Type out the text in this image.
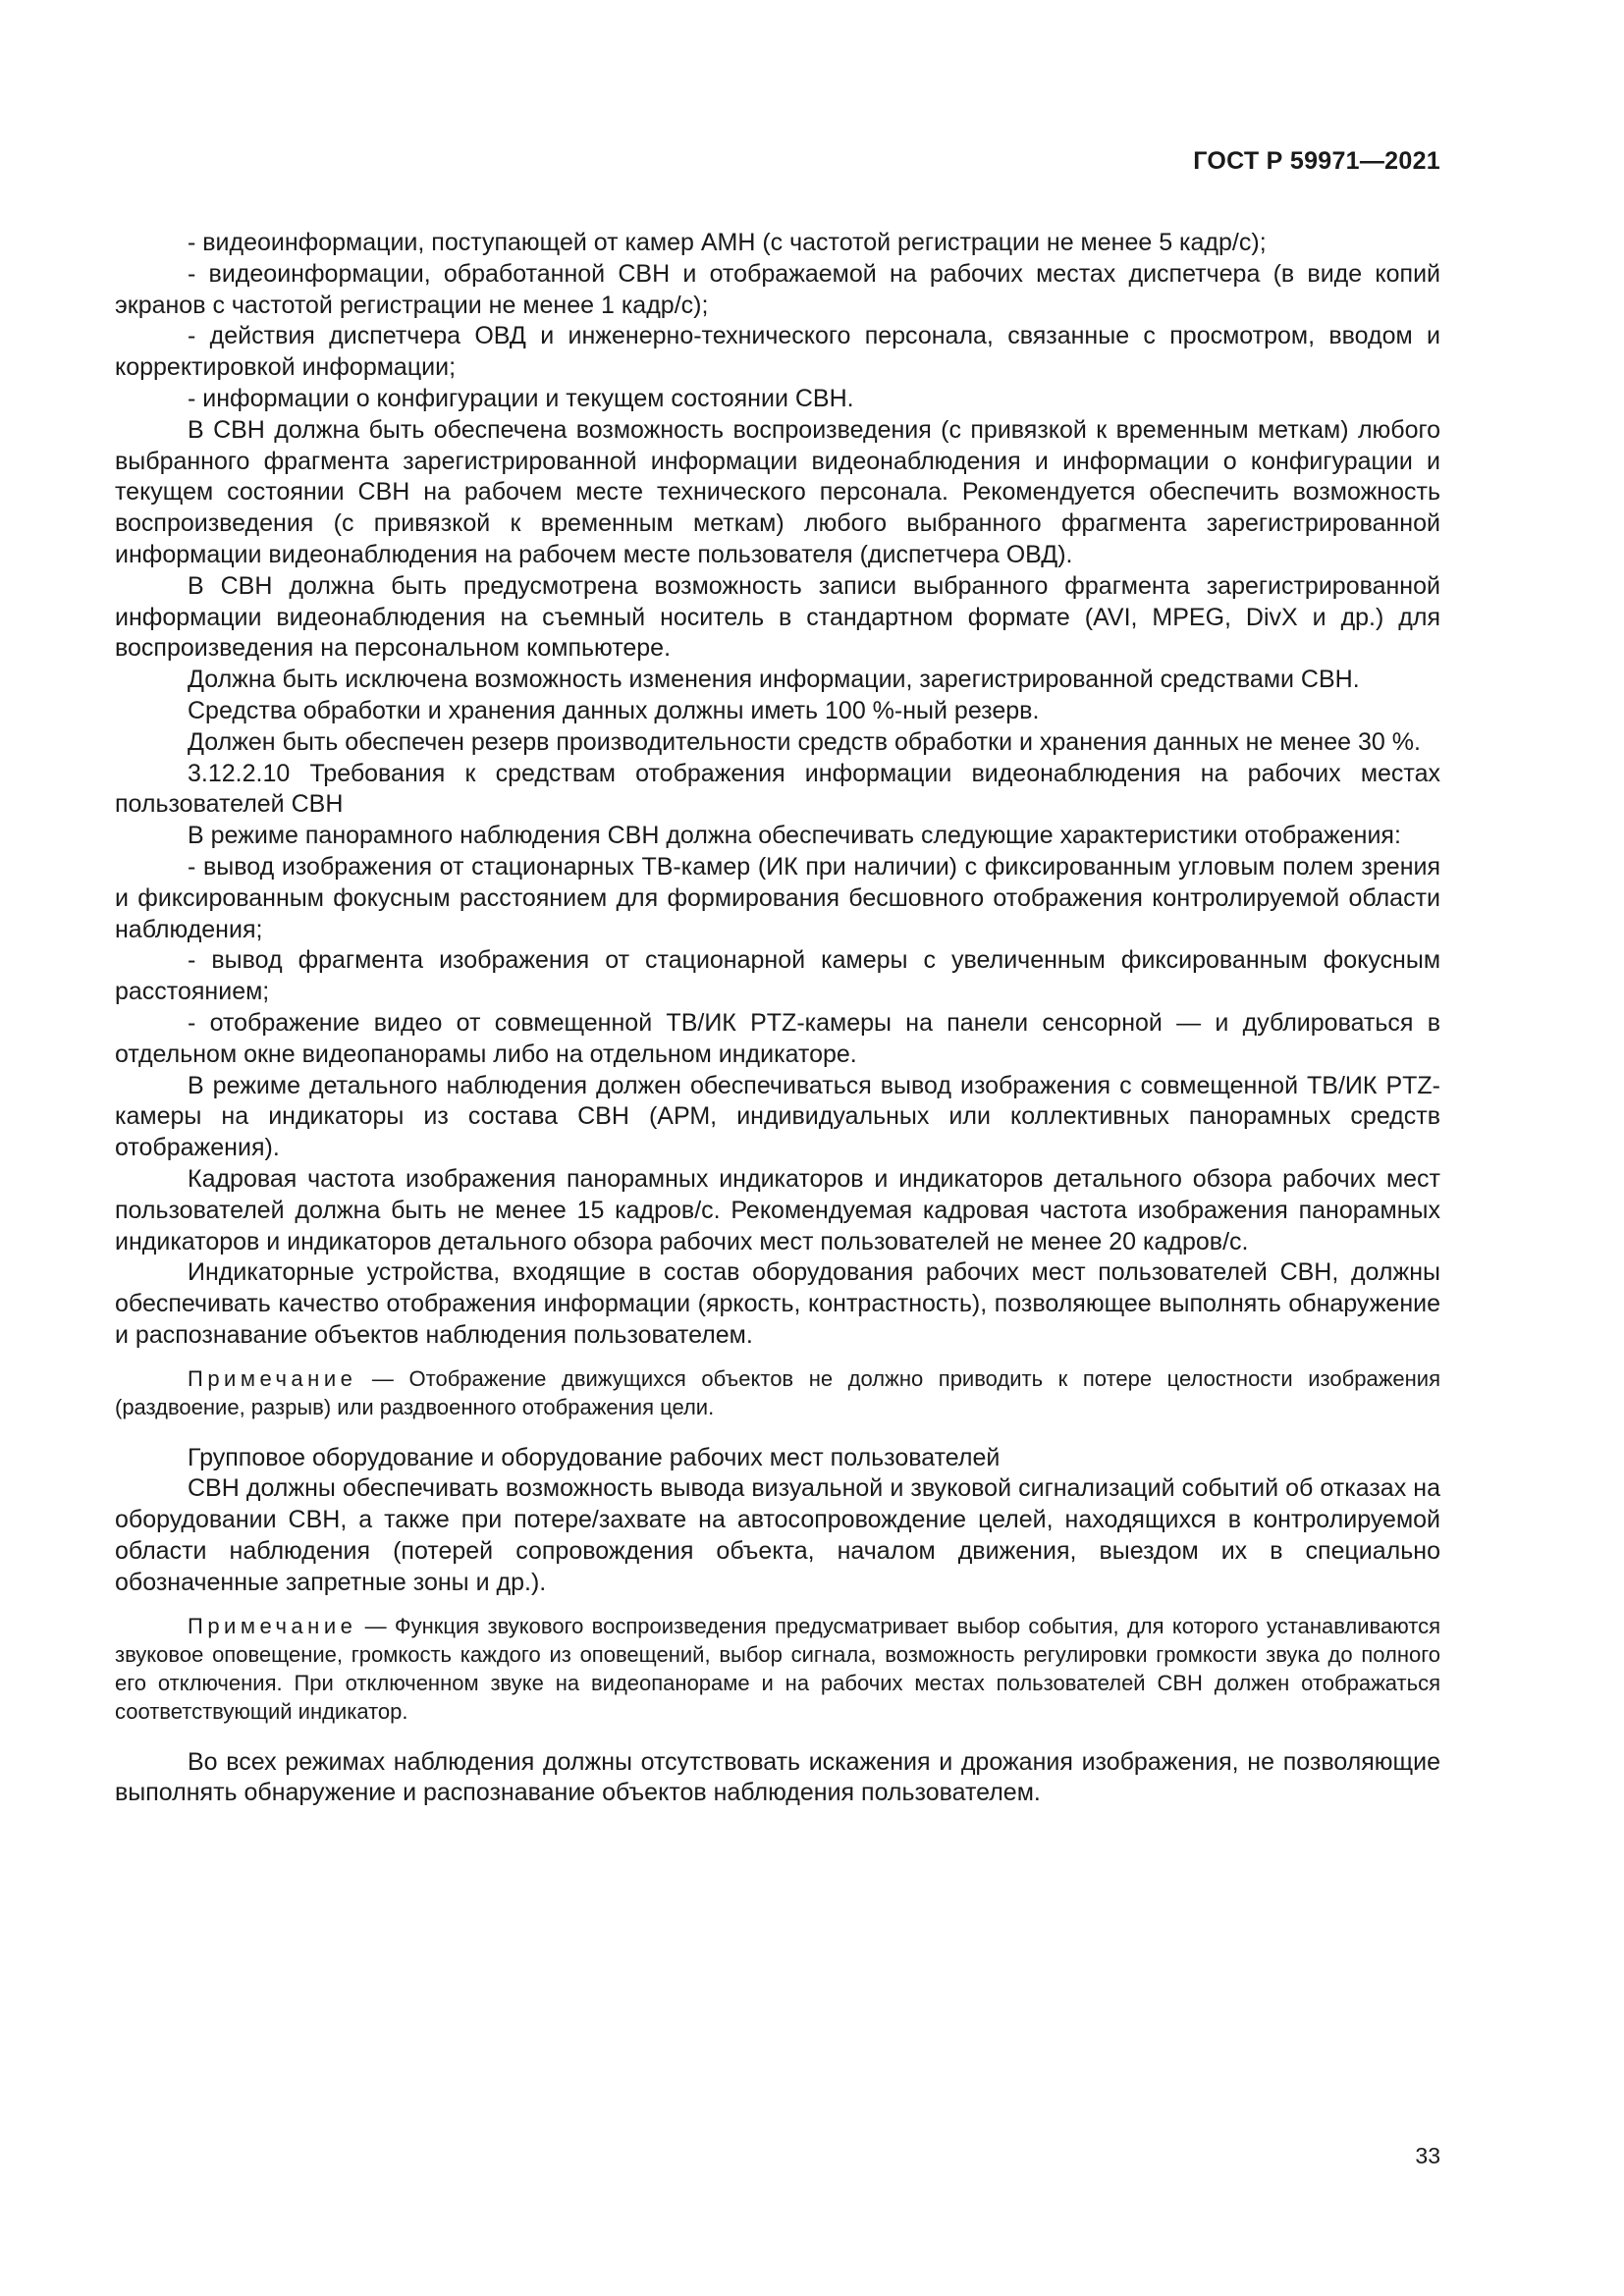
ГОСТ Р 59971—2021

- видеоинформации, поступающей от камер АМН (с частотой регистрации не менее 5 кадр/с);

- видеоинформации, обработанной СВН и отображаемой на рабочих местах диспетчера (в виде копий экранов с частотой регистрации не менее 1 кадр/с);

- действия диспетчера ОВД и инженерно-технического персонала, связанные с просмотром, вводом и корректировкой информации;

- информации о конфигурации и текущем состоянии СВН.

В СВН должна быть обеспечена возможность воспроизведения (с привязкой к временным меткам) любого выбранного фрагмента зарегистрированной информации видеонаблюдения и информации о конфигурации и текущем состоянии СВН на рабочем месте технического персонала. Рекомендуется обеспечить возможность воспроизведения (с привязкой к временным меткам) любого выбранного фрагмента зарегистрированной информации видеонаблюдения на рабочем месте пользователя (диспетчера ОВД).

В СВН должна быть предусмотрена возможность записи выбранного фрагмента зарегистрированной информации видеонаблюдения на съемный носитель в стандартном формате (AVI, MPEG, DivX и др.) для воспроизведения на персональном компьютере.

Должна быть исключена возможность изменения информации, зарегистрированной средствами СВН.

Средства обработки и хранения данных должны иметь 100 %-ный резерв.

Должен быть обеспечен резерв производительности средств обработки и хранения данных не менее 30 %.

3.12.2.10 Требования к средствам отображения информации видеонаблюдения на рабочих местах пользователей СВН

В режиме панорамного наблюдения СВН должна обеспечивать следующие характеристики отображения:

- вывод изображения от стационарных ТВ-камер (ИК при наличии) с фиксированным угловым полем зрения и фиксированным фокусным расстоянием для формирования бесшовного отображения контролируемой области наблюдения;

- вывод фрагмента изображения от стационарной камеры с увеличенным фиксированным фокусным расстоянием;

- отображение видео от совмещенной ТВ/ИК PTZ-камеры на панели сенсорной — и дублироваться в отдельном окне видеопанорамы либо на отдельном индикаторе.

В режиме детального наблюдения должен обеспечиваться вывод изображения с совмещенной ТВ/ИК PTZ-камеры на индикаторы из состава СВН (АРМ, индивидуальных или коллективных панорамных средств отображения).

Кадровая частота изображения панорамных индикаторов и индикаторов детального обзора рабочих мест пользователей должна быть не менее 15 кадров/с. Рекомендуемая кадровая частота изображения панорамных индикаторов и индикаторов детального обзора рабочих мест пользователей не менее 20 кадров/с.

Индикаторные устройства, входящие в состав оборудования рабочих мест пользователей СВН, должны обеспечивать качество отображения информации (яркость, контрастность), позволяющее выполнять обнаружение и распознавание объектов наблюдения пользователем.

Примечание — Отображение движущихся объектов не должно приводить к потере целостности изображения (раздвоение, разрыв) или раздвоенного отображения цели.

Групповое оборудование и оборудование рабочих мест пользователей

СВН должны обеспечивать возможность вывода визуальной и звуковой сигнализаций событий об отказах на оборудовании СВН, а также при потере/захвате на автосопровождение целей, находящихся в контролируемой области наблюдения (потерей сопровождения объекта, началом движения, выездом их в специально обозначенные запретные зоны и др.).

Примечание — Функция звукового воспроизведения предусматривает выбор события, для которого устанавливаются звуковое оповещение, громкость каждого из оповещений, выбор сигнала, возможность регулировки громкости звука до полного его отключения. При отключенном звуке на видеопанораме и на рабочих местах пользователей СВН должен отображаться соответствующий индикатор.

Во всех режимах наблюдения должны отсутствовать искажения и дрожания изображения, не позволяющие выполнять обнаружение и распознавание объектов наблюдения пользователем.

33
